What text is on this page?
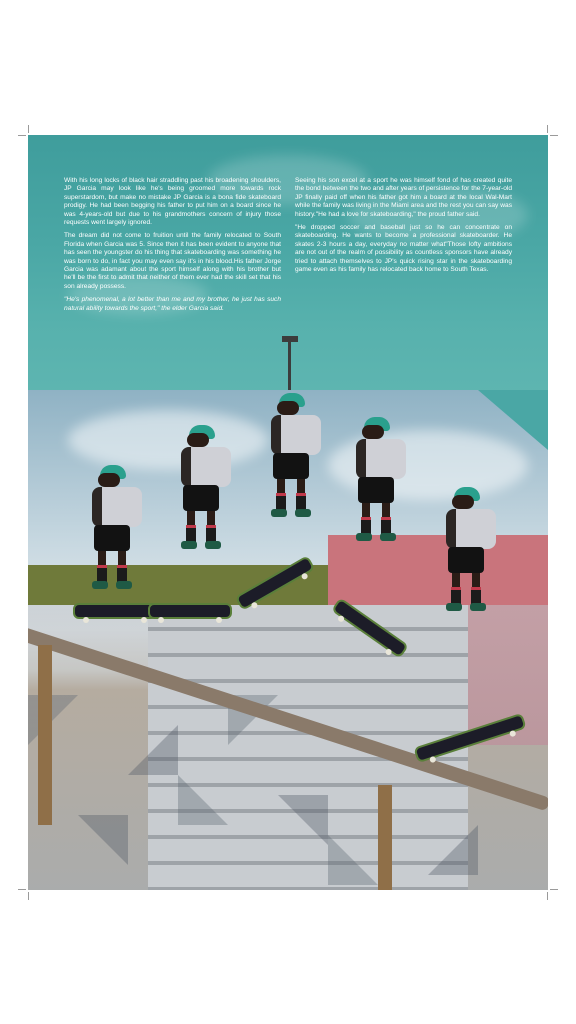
With his long locks of black hair straddling past his broadening shoulders, JP Garcia may look like he's being groomed more towards rock superstardom, but make no mistake JP Garcia is a bona fide skateboard prodigy. He had been begging his father to put him on a board since he was 4-years-old but due to his grandmothers concern of injury those requests went largely ignored.

The dream did not come to fruition until the family relocated to South Florida when Garcia was 5. Since then it has been evident to anyone that has seen the youngster do his thing that skateboarding was something he was born to do, in fact you may even say it's in his blood.His father Jorge Garcia was adamant about the sport himself along with his brother but he'll be the first to admit that neither of them ever had the skill set that his son already possess.

"He's phenomenal, a lot better than me and my brother, he just has such natural ability towards the sport," the elder Garcia said.

Seeing his son excel at a sport he was himself fond of has created quite the bond between the two and after years of persistence for the 7-year-old JP finally paid off when his father got him a board at the local Wal-Mart while the family was living in the Miami area and the rest you can say was history."He had a love for skateboarding," the proud father said.

"He dropped soccer and baseball just so he can concentrate on skateboarding. He wants to become a professional skateboarder. He skates 2-3 hours a day, everyday no matter what"Those lofty ambitions are not out of the realm of possibility as countless sponsors have already tried to attach themselves to JP's quick rising star in the skateboarding game even as his family has relocated back home to South Texas.
